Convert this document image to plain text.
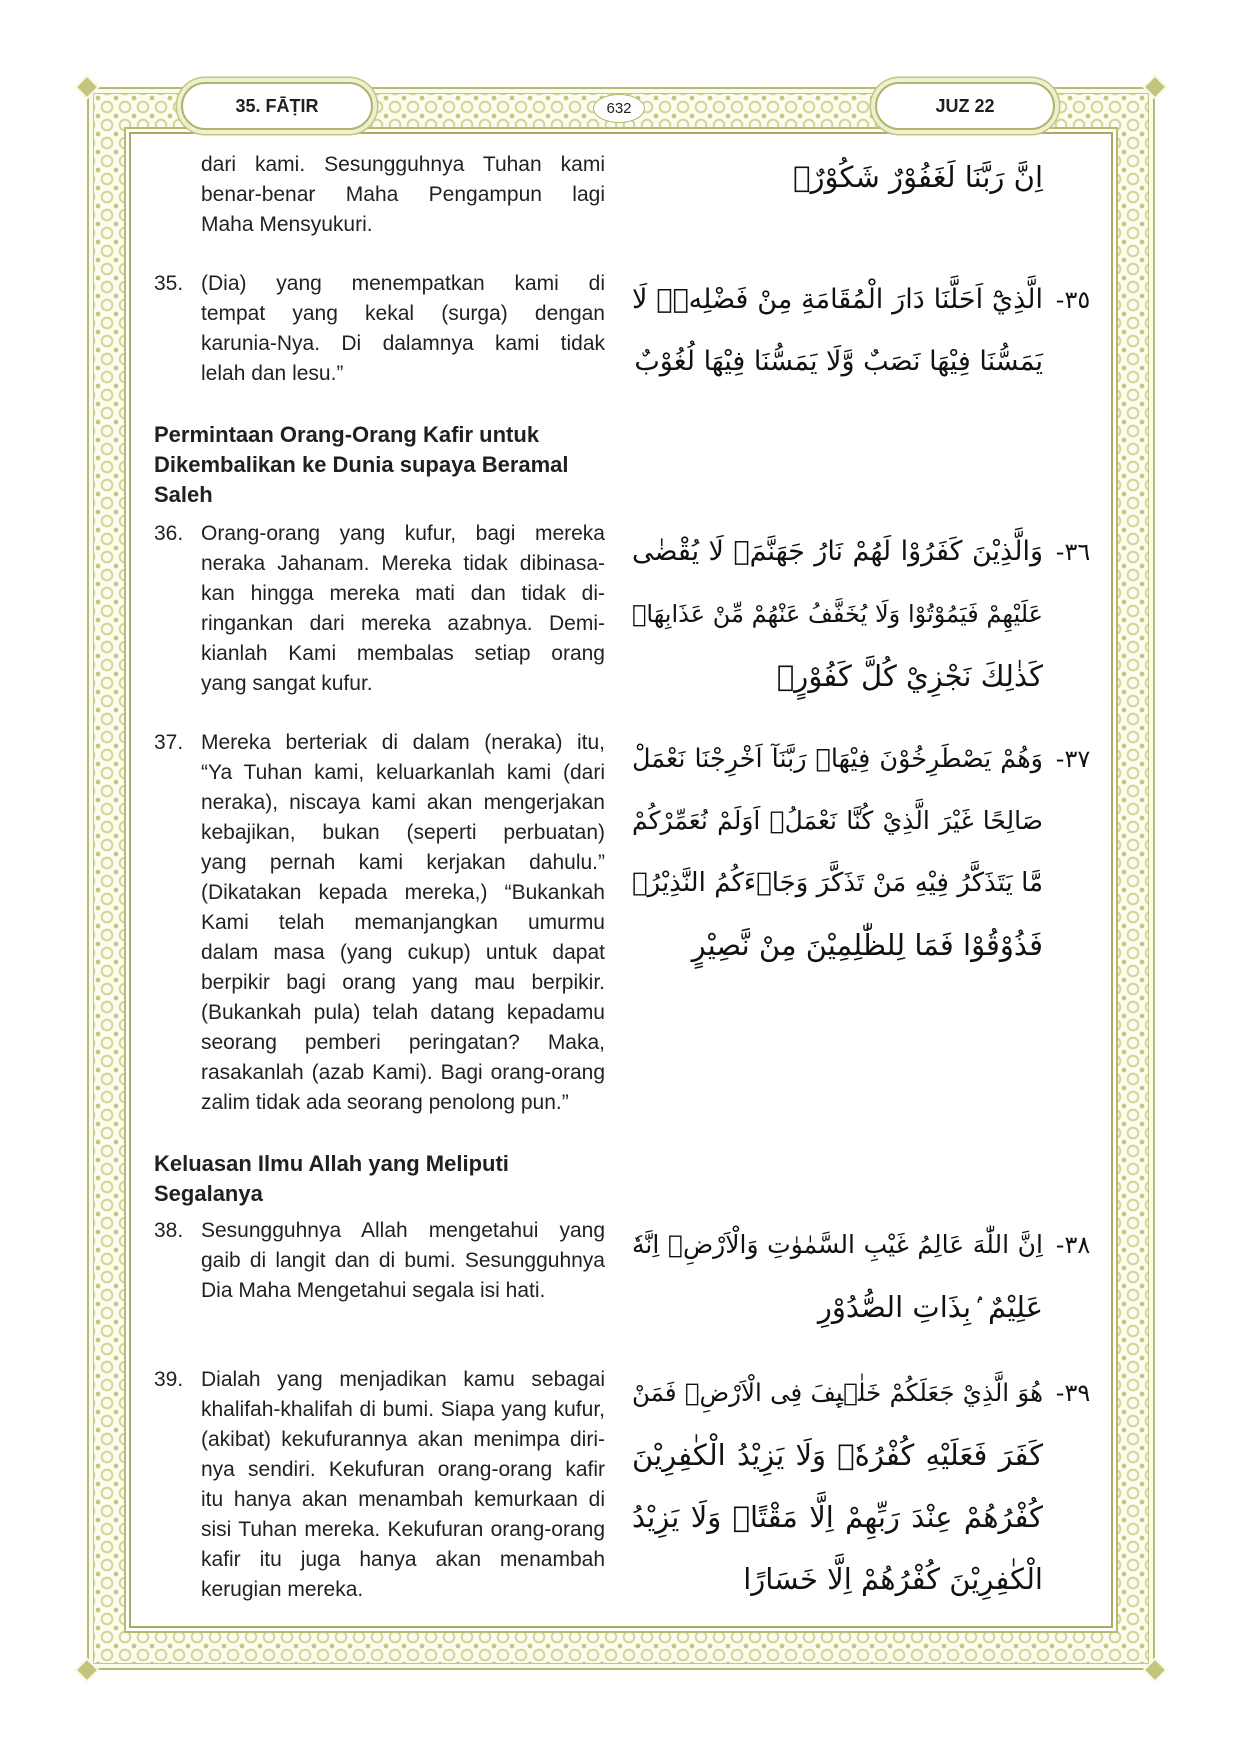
35. FĀṬIR	632	JUZ 22
dari kami. Sesungguhnya Tuhan kami
benar-benar Maha Pengampun lagi
Maha Mensyukuri.
اِنَّ رَبَّنَا لَغَفُوْرٌ شَكُوْرٌۙ
35. (Dia) yang menempatkan kami di
tempat yang kekal (surga) dengan
karunia-Nya. Di dalamnya kami tidak
lelah dan lesu.”
الَّذِيْٓ اَحَلَّنَا دَارَ الْمُقَامَةِ مِنْ فَضْلِهٖۚ لَا
يَمَسُّنَا فِيْهَا نَصَبٌ وَّلَا يَمَسُّنَا فِيْهَا لُغُوْبٌ
٣٥-
Permintaan Orang-Orang Kafir untuk
Dikembalikan ke Dunia supaya Beramal
Saleh
36. Orang-orang yang kufur, bagi mereka
neraka Jahanam. Mereka tidak dibinasa-
kan hingga mereka mati dan tidak di-
ringankan dari mereka azabnya. Demi-
kianlah Kami membalas setiap orang
yang sangat kufur.
وَالَّذِيْنَ كَفَرُوْا لَهُمْ نَارُ جَهَنَّمَۚ لَا يُقْضٰى
عَلَيْهِمْ فَيَمُوْتُوْا وَلَا يُخَفَّفُ عَنْهُمْ مِّنْ عَذَابِهَاۗ
كَذٰلِكَ نَجْزِيْ كُلَّ كَفُوْرٍۚ
٣٦-
37. Mereka berteriak di dalam (neraka) itu,
“Ya Tuhan kami, keluarkanlah kami (dari
neraka), niscaya kami akan mengerjakan
kebajikan, bukan (seperti perbuatan)
yang pernah kami kerjakan dahulu.”
(Dikatakan kepada mereka,) “Bukankah
Kami telah memanjangkan umurmu
dalam masa (yang cukup) untuk dapat
berpikir bagi orang yang mau berpikir.
(Bukankah pula) telah datang kepadamu
seorang pemberi peringatan? Maka,
rasakanlah (azab Kami). Bagi orang-orang
zalim tidak ada seorang penolong pun.”
وَهُمْ يَصْطَرِخُوْنَ فِيْهَاۚ رَبَّنَآ اَخْرِجْنَا نَعْمَلْ
صَالِحًا غَيْرَ الَّذِيْ كُنَّا نَعْمَلُۗ اَوَلَمْ نُعَمِّرْكُمْ
مَّا يَتَذَكَّرُ فِيْهِ مَنْ تَذَكَّرَ وَجَاۤءَكُمُ النَّذِيْرُۗ
فَذُوْقُوْا فَمَا لِلظّٰلِمِيْنَ مِنْ نَّصِيْرٍ
٣٧-
Keluasan Ilmu Allah yang Meliputi
Segalanya
38. Sesungguhnya Allah mengetahui yang
gaib di langit dan di bumi. Sesungguhnya
Dia Maha Mengetahui segala isi hati.
اِنَّ اللّٰهَ عَالِمُ غَيْبِ السَّمٰوٰتِ وَالْاَرْضِۗ اِنَّهٗ
عَلِيْمٌ ۢبِذَاتِ الصُّدُوْرِ
٣٨-
39. Dialah yang menjadikan kamu sebagai
khalifah-khalifah di bumi. Siapa yang kufur,
(akibat) kekufurannya akan menimpa diri-
nya sendiri. Kekufuran orang-orang kafir
itu hanya akan menambah kemurkaan di
sisi Tuhan mereka. Kekufuran orang-orang
kafir itu juga hanya akan menambah
kerugian mereka.
هُوَ الَّذِيْ جَعَلَكُمْ خَلٰۤىِٕفَ فِى الْاَرْضِۗ فَمَنْ
كَفَرَ فَعَلَيْهِ كُفْرُهٗۗ وَلَا يَزِيْدُ الْكٰفِرِيْنَ
كُفْرُهُمْ عِنْدَ رَبِّهِمْ اِلَّا مَقْتًاۚ وَلَا يَزِيْدُ
الْكٰفِرِيْنَ كُفْرُهُمْ اِلَّا خَسَارًا
٣٩-
